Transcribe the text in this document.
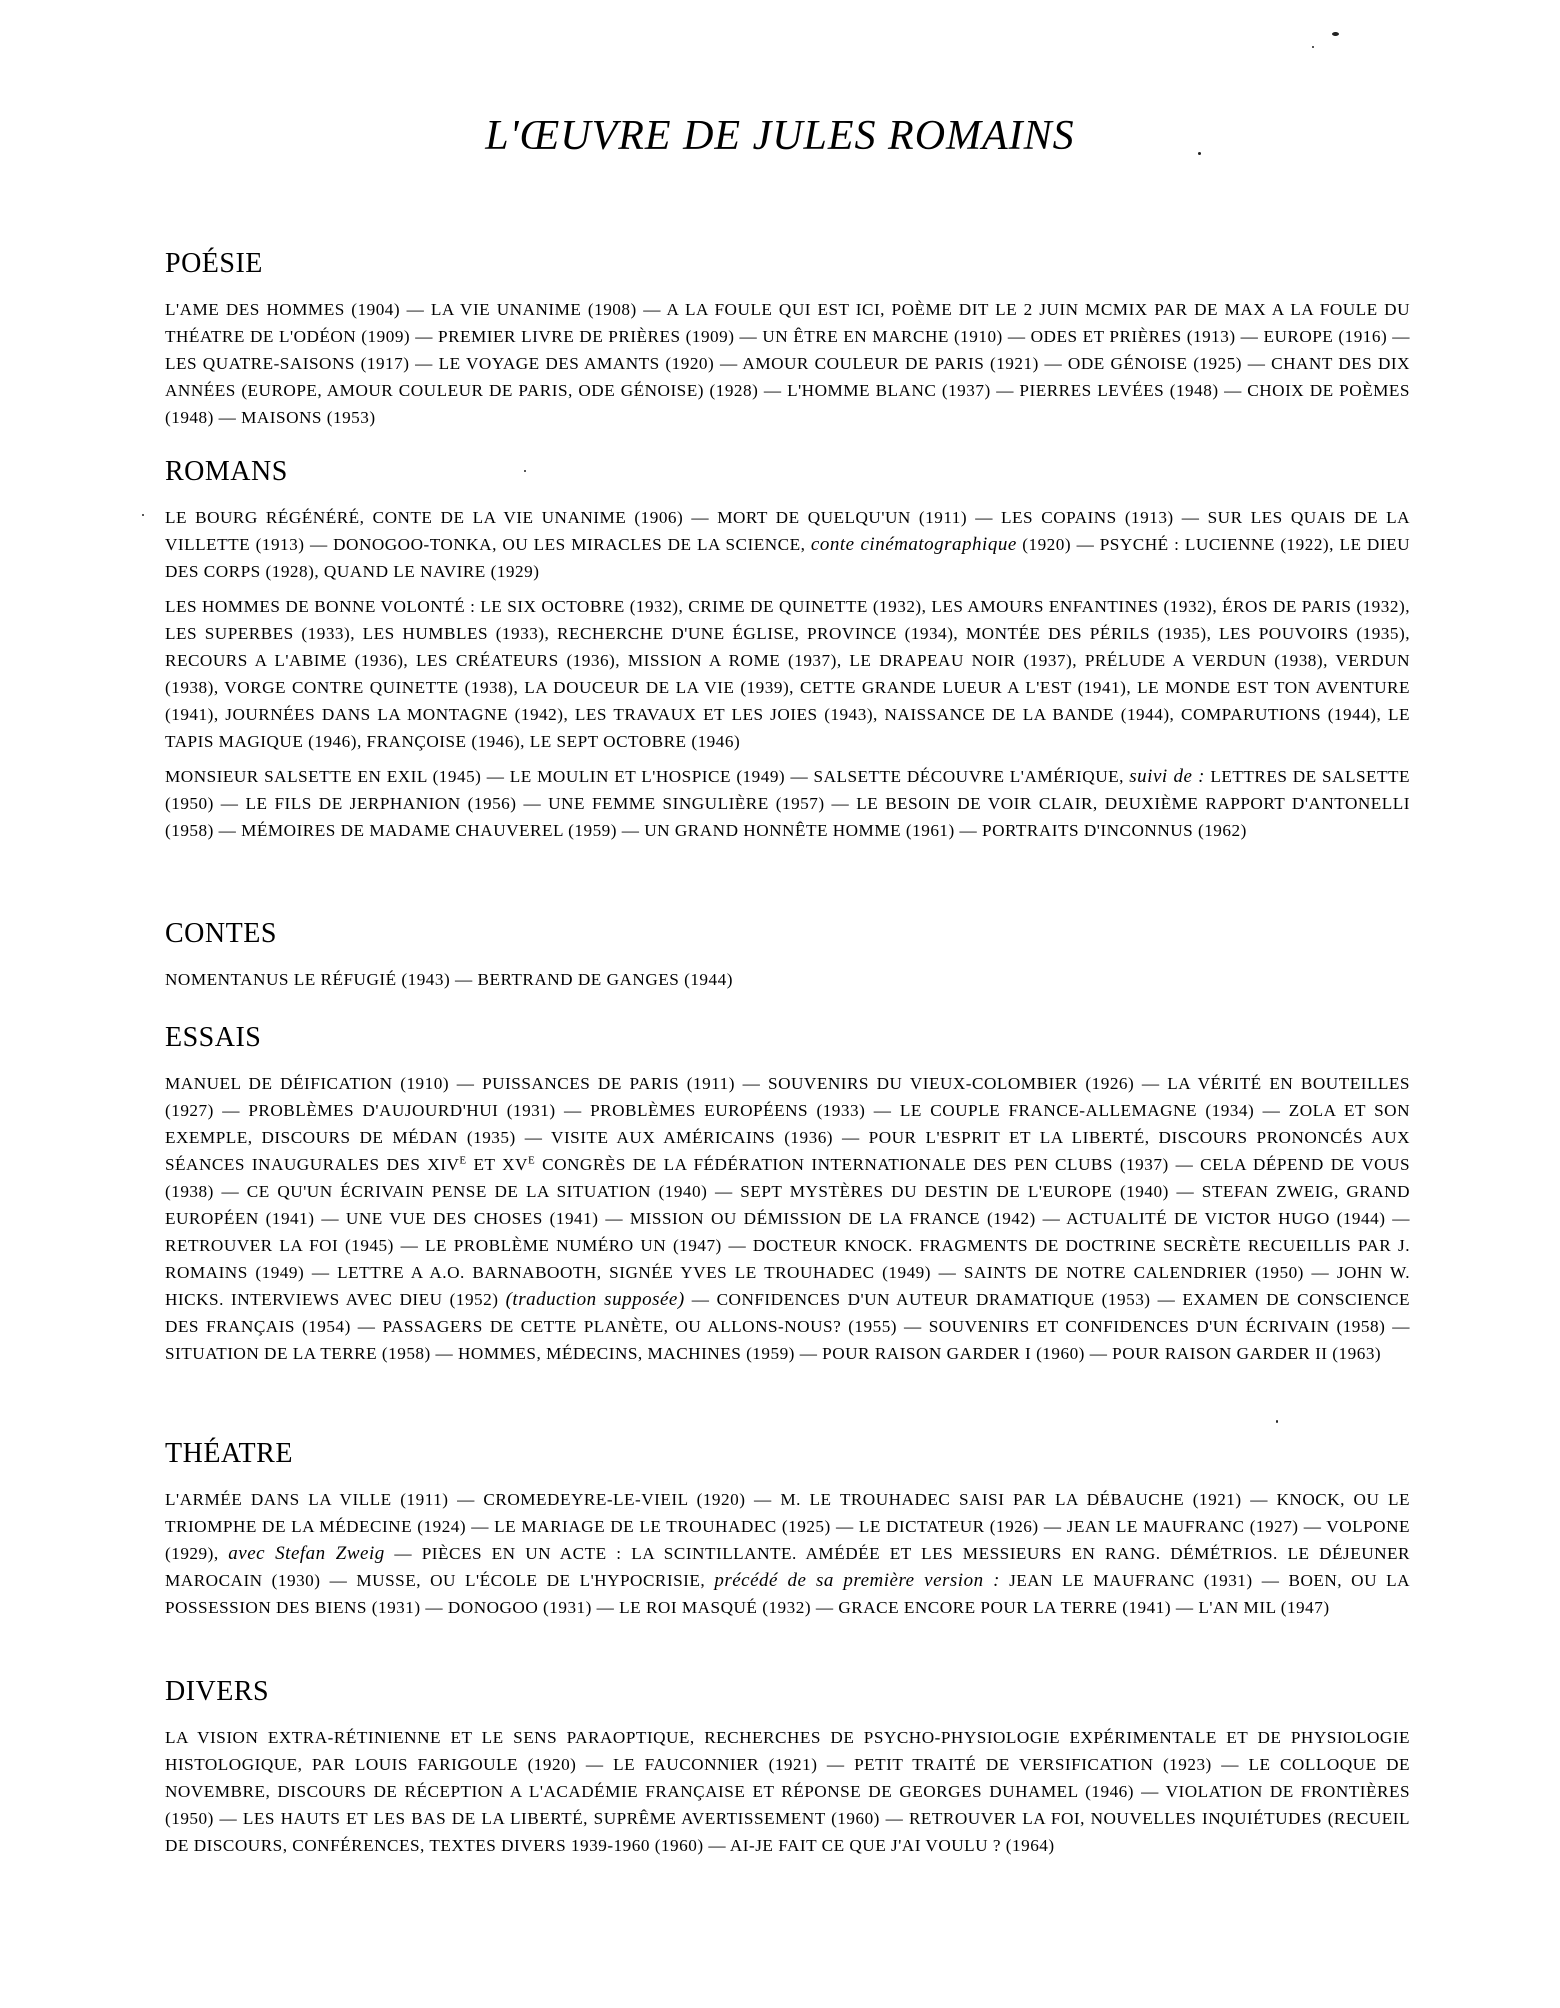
L'ŒUVRE DE JULES ROMAINS
POÉSIE

L'AME DES HOMMES (1904) — LA VIE UNANIME (1908) — A LA FOULE QUI EST ICI, POÈME DIT LE 2 JUIN MCMIX PAR DE MAX A LA FOULE DU THÉATRE DE L'ODÉON (1909) — PREMIER LIVRE DE PRIÈRES (1909) — UN ÊTRE EN MARCHE (1910) — ODES ET PRIÈRES (1913) — EUROPE (1916) — LES QUATRE-SAISONS (1917) — LE VOYAGE DES AMANTS (1920) — AMOUR COULEUR DE PARIS (1921) — ODE GÉNOISE (1925) — CHANT DES DIX ANNÉES (EUROPE, AMOUR COULEUR DE PARIS, ODE GÉNOISE) (1928) — L'HOMME BLANC (1937) — PIERRES LEVÉES (1948) — CHOIX DE POÈMES (1948) — MAISONS (1953)

ROMANS

LE BOURG RÉGÉNÉRÉ, CONTE DE LA VIE UNANIME (1906) — MORT DE QUELQU'UN (1911) — LES COPAINS (1913) — SUR LES QUAIS DE LA VILLETTE (1913) — DONOGOO-TONKA, OU LES MIRACLES DE LA SCIENCE, conte cinématographique (1920) — PSYCHÉ : LUCIENNE (1922), LE DIEU DES CORPS (1928), QUAND LE NAVIRE (1929)

LES HOMMES DE BONNE VOLONTÉ : LE SIX OCTOBRE (1932), CRIME DE QUINETTE (1932), LES AMOURS ENFANTINES (1932), ÉROS DE PARIS (1932), LES SUPERBES (1933), LES HUMBLES (1933), RECHERCHE D'UNE ÉGLISE, PROVINCE (1934), MONTÉE DES PÉRILS (1935), LES POUVOIRS (1935), RECOURS A L'ABIME (1936), LES CRÉATEURS (1936), MISSION A ROME (1937), LE DRAPEAU NOIR (1937), PRÉLUDE A VERDUN (1938), VERDUN (1938), VORGE CONTRE QUINETTE (1938), LA DOUCEUR DE LA VIE (1939), CETTE GRANDE LUEUR A L'EST (1941), LE MONDE EST TON AVENTURE (1941), JOURNÉES DANS LA MONTAGNE (1942), LES TRAVAUX ET LES JOIES (1943), NAISSANCE DE LA BANDE (1944), COMPARUTIONS (1944), LE TAPIS MAGIQUE (1946), FRANÇOISE (1946), LE SEPT OCTOBRE (1946)

MONSIEUR SALSETTE EN EXIL (1945) — LE MOULIN ET L'HOSPICE (1949) — SALSETTE DÉCOUVRE L'AMÉRIQUE, suivi de : LETTRES DE SALSETTE (1950) — LE FILS DE JERPHANION (1956) — UNE FEMME SINGULIÈRE (1957) — LE BESOIN DE VOIR CLAIR, DEUXIÈME RAPPORT D'ANTONELLI (1958) — MÉMOIRES DE MADAME CHAUVEREL (1959) — UN GRAND HONNÊTE HOMME (1961) — PORTRAITS D'INCONNUS (1962)

CONTES

NOMENTANUS LE RÉFUGIÉ (1943) — BERTRAND DE GANGES (1944)

ESSAIS

MANUEL DE DÉIFICATION (1910) — PUISSANCES DE PARIS (1911) — SOUVENIRS DU VIEUX-COLOMBIER (1926) — LA VÉRITÉ EN BOUTEILLES (1927) — PROBLÈMES D'AUJOURD'HUI (1931) — PROBLÈMES EUROPÉENS (1933) — LE COUPLE FRANCE-ALLEMAGNE (1934) — ZOLA ET SON EXEMPLE, DISCOURS DE MÉDAN (1935) — VISITE AUX AMÉRICAINS (1936) — POUR L'ESPRIT ET LA LIBERTÉ, DISCOURS PRONONCÉS AUX SÉANCES INAUGURALES DES $XIV^E$ ET $XV^E$ CONGRÈS DE LA FÉDÉRATION INTERNATIONALE DES PEN CLUBS (1937) — CELA DÉPEND DE VOUS (1938) — CE QU'UN ÉCRIVAIN PENSE DE LA SITUATION (1940) — SEPT MYSTÈRES DU DESTIN DE L'EUROPE (1940) — STEFAN ZWEIG, GRAND EUROPÉEN (1941) — UNE VUE DES CHOSES (1941) — MISSION OU DÉMISSION DE LA FRANCE (1942) — ACTUALITÉ DE VICTOR HUGO (1944) — RETROUVER LA FOI (1945) — LE PROBLÈME NUMÉRO UN (1947) — DOCTEUR KNOCK. FRAGMENTS DE DOCTRINE SECRÈTE RECUEILLIS PAR J. ROMAINS (1949) — LETTRE A A.O. BARNABOOTH, SIGNÉE YVES LE TROUHADEC (1949) — SAINTS DE NOTRE CALENDRIER (1950) — JOHN W. HICKS. INTERVIEWS AVEC DIEU (1952) (traduction supposée) — CONFIDENCES D'UN AUTEUR DRAMATIQUE (1953) — EXAMEN DE CONSCIENCE DES FRANÇAIS (1954) — PASSAGERS DE CETTE PLANÈTE, OU ALLONS-NOUS? (1955) — SOUVENIRS ET CONFIDENCES D'UN ÉCRIVAIN (1958) — SITUATION DE LA TERRE (1958) — HOMMES, MÉDECINS, MACHINES (1959) — POUR RAISON GARDER I (1960) — POUR RAISON GARDER II (1963)

THÉATRE

L'ARMÉE DANS LA VILLE (1911) — CROMEDEYRE-LE-VIEIL (1920) — M. LE TROUHADEC SAISI PAR LA DÉBAUCHE (1921) — KNOCK, OU LE TRIOMPHE DE LA MÉDECINE (1924) — LE MARIAGE DE LE TROUHADEC (1925) — LE DICTATEUR (1926) — JEAN LE MAUFRANC (1927) — VOLPONE (1929), avec Stefan Zweig — PIÈCES EN UN ACTE : LA SCINTILLANTE. AMÉDÉE ET LES MESSIEURS EN RANG. DÉMÉTRIOS. LE DÉJEUNER MAROCAIN (1930) — MUSSE, OU L'ÉCOLE DE L'HYPOCRISIE, précédé de sa première version : JEAN LE MAUFRANC (1931) — BOEN, OU LA POSSESSION DES BIENS (1931) — DONOGOO (1931) — LE ROI MASQUÉ (1932) — GRACE ENCORE POUR LA TERRE (1941) — L'AN MIL (1947)

DIVERS

LA VISION EXTRA-RÉTINIENNE ET LE SENS PARAOPTIQUE, RECHERCHES DE PSYCHO-PHYSIOLOGIE EXPÉRIMENTALE ET DE PHYSIOLOGIE HISTOLOGIQUE, PAR LOUIS FARIGOULE (1920) — LE FAUCONNIER (1921) — PETIT TRAITÉ DE VERSIFICATION (1923) — LE COLLOQUE DE NOVEMBRE, DISCOURS DE RÉCEPTION A L'ACADÉMIE FRANÇAISE ET RÉPONSE DE GEORGES DUHAMEL (1946) — VIOLATION DE FRONTIÈRES (1950) — LES HAUTS ET LES BAS DE LA LIBERTÉ, SUPRÊME AVERTISSEMENT (1960) — RETROUVER LA FOI, NOUVELLES INQUIÉTUDES (RECUEIL DE DISCOURS, CONFÉRENCES, TEXTES DIVERS 1939-1960 (1960) — AI-JE FAIT CE QUE J'AI VOULU ? (1964)
